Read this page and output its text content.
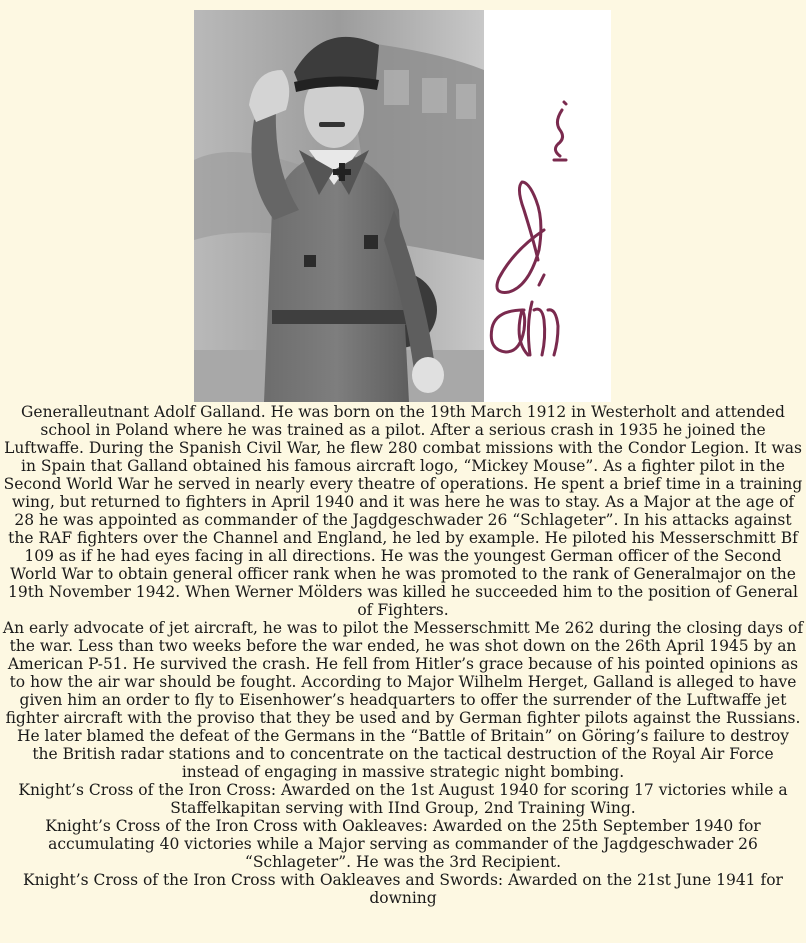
Generalleutnant Adolf Galland. He was born on the 19th March 1912 in Westerholt and attended school in Poland where he was trained as a pilot. After a serious crash in 1935 he joined the Luftwaffe. During the Spanish Civil War, he flew 280 combat missions with the Condor Legion. It was in Spain that Galland obtained his famous aircraft logo, “Mickey Mouse”. As a fighter pilot in the Second World War he served in nearly every theatre of operations. He spent a brief time in a training wing, but returned to fighters in April 1940 and it was here he was to stay. As a Major at the age of 28 he was appointed as commander of the Jagdgeschwader 26 “Schlageter”. In his attacks against the RAF fighters over the Channel and England, he led by example. He piloted his Messerschmitt Bf 109 as if he had eyes facing in all directions. He was the youngest German officer of the Second World War to obtain general officer rank when he was promoted to the rank of Generalmajor on the 19th November 1942. When Werner Mölders was killed he succeeded him to the position of General of Fighters.

An early advocate of jet aircraft, he was to pilot the Messerschmitt Me 262 during the closing days of the war. Less than two weeks before the war ended, he was shot down on the 26th April 1945 by an American P-51. He survived the crash. He fell from Hitler’s grace because of his pointed opinions as to how the air war should be fought. According to Major Wilhelm Herget, Galland is alleged to have given him an order to fly to Eisenhower’s headquarters to offer the surrender of the Luftwaffe jet fighter aircraft with the proviso that they be used and by German fighter pilots against the Russians. He later blamed the defeat of the Germans in the “Battle of Britain” on Göring’s failure to destroy the British radar stations and to concentrate on the tactical destruction of the Royal Air Force instead of engaging in massive strategic night bombing.

Knight’s Cross of the Iron Cross: Awarded on the 1st August 1940 for scoring 17 victories while a Staffelkapitan serving with IInd Group, 2nd Training Wing.

Knight’s Cross of the Iron Cross with Oakleaves: Awarded on the 25th September 1940 for accumulating 40 victories while a Major serving as commander of the Jagdgeschwader 26 “Schlageter”. He was the 3rd Recipient.

Knight’s Cross of the Iron Cross with Oakleaves and Swords: Awarded on the 21st June 1941 for downing
